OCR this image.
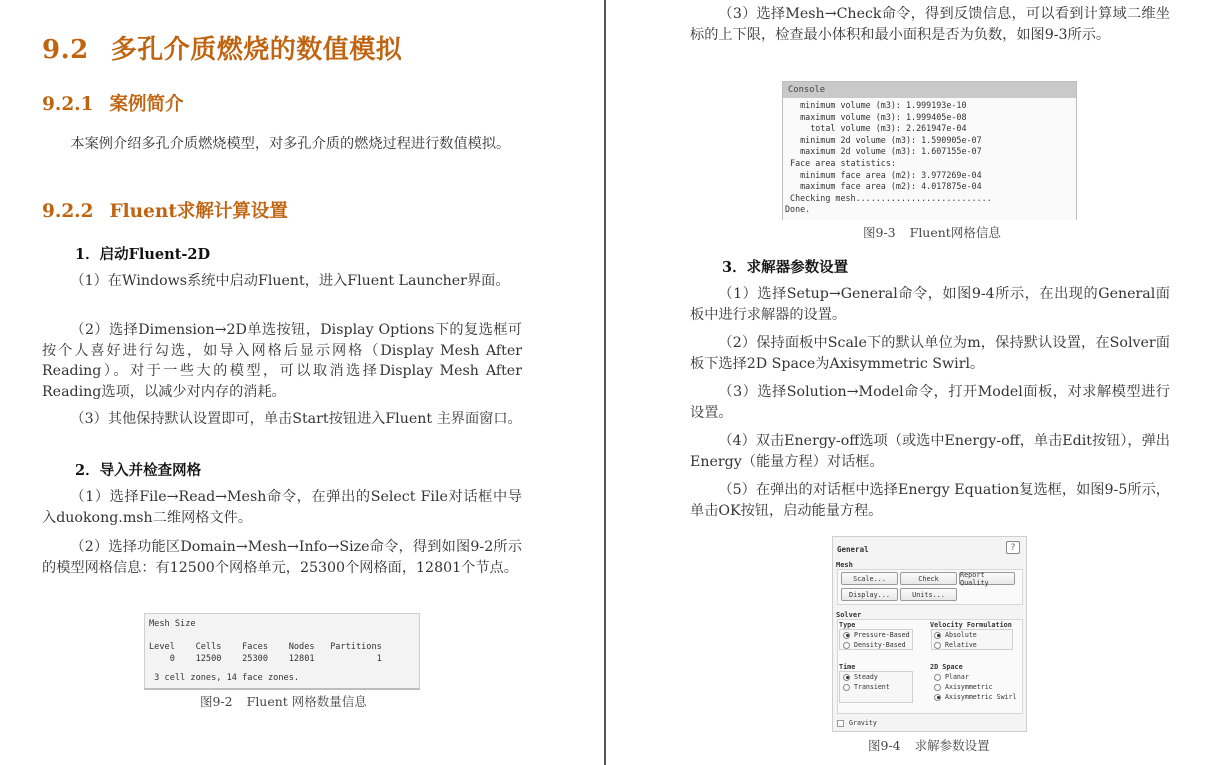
9.2 多孔介质燃烧的数值模拟
9.2.1 案例简介

本案例介绍多孔介质燃烧模型，对多孔介质的燃烧过程进行数值模拟。

9.2.2 Fluent求解计算设置
1．启动Fluent-2D

（1）在Windows系统中启动Fluent，进入Fluent Launcher界面。

（2）选择Dimension→2D单选按钮，Display Options下的复选框可按个人喜好进行勾选，如导入网格后显示网格（Display Mesh After Reading）。对于一些大的模型，可以取消选择Display Mesh After Reading选项，以减少对内存的消耗。

（3）其他保持默认设置即可，单击Start按钮进入Fluent 主界面窗口。

2．导入并检查网格

（1）选择File→Read→Mesh命令，在弹出的Select File对话框中导入duokong.msh二维网格文件。

（2）选择功能区Domain→Mesh→Info→Size命令，得到如图9-2所示的模型网格信息：有12500个网格单元，25300个网格面，12801个节点。

Mesh Size

Level    Cells    Faces    Nodes   Partitions
0    12500    25300    12801            1

3 cell zones, 14 face zones.
图9-2 Fluent 网格数量信息

（3）选择Mesh→Check命令，得到反馈信息，可以看到计算域二维坐标的上下限，检查最小体积和最小面积是否为负数，如图9-3所示。

Console
minimum volume (m3): 1.999193e-10
maximum volume (m3): 1.999405e-08
total volume (m3): 2.261947e-04
minimum 2d volume (m3): 1.590905e-07
maximum 2d volume (m3): 1.607155e-07
Face area statistics:
minimum face area (m2): 3.977269e-04
maximum face area (m2): 4.017875e-04
Checking mesh...........................
Done.
图9-3 Fluent网格信息
3．求解器参数设置

（1）选择Setup→General命令，如图9-4所示，在出现的General面板中进行求解器的设置。

（2）保持面板中Scale下的默认单位为m，保持默认设置，在Solver面板下选择2D Space为Axisymmetric Swirl。

（3）选择Solution→Model命令，打开Model面板，对求解模型进行设置。

（4）双击Energy-off选项（或选中Energy-off，单击Edit按钮），弹出Energy（能量方程）对话框。

（5）在弹出的对话框中选择Energy Equation复选框，如图9-5所示，单击OK按钮，启动能量方程。

General	?
Mesh
Scale...	Check	Report Quality
Display...	Units...
Solver
Type
Pressure-Based
Density-Based
Velocity Formulation
Absolute
Relative
Time
Steady
Transient
2D Space
Planar
Axisymmetric
Axisymmetric Swirl
Gravity
图9-4 求解参数设置
